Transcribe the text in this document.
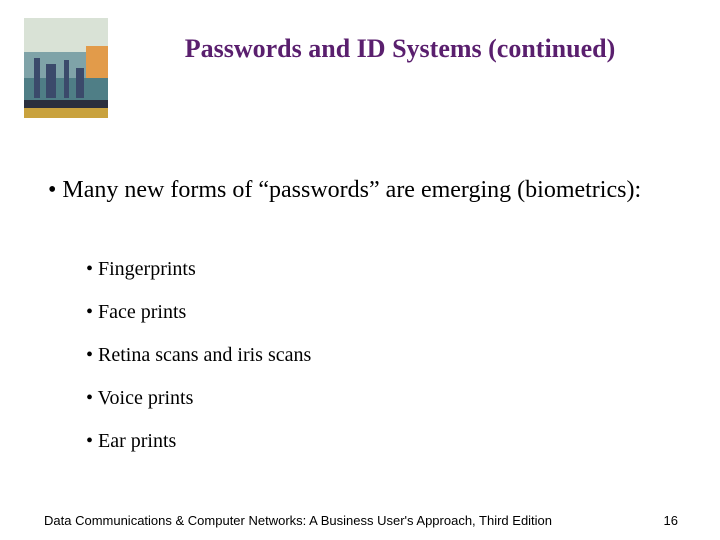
Passwords and ID Systems (continued)
• Many new forms of “passwords” are emerging (biometrics):
• Fingerprints
• Face prints
• Retina scans and iris scans
• Voice prints
• Ear prints
Data Communications & Computer Networks: A Business User's Approach, Third Edition	16
